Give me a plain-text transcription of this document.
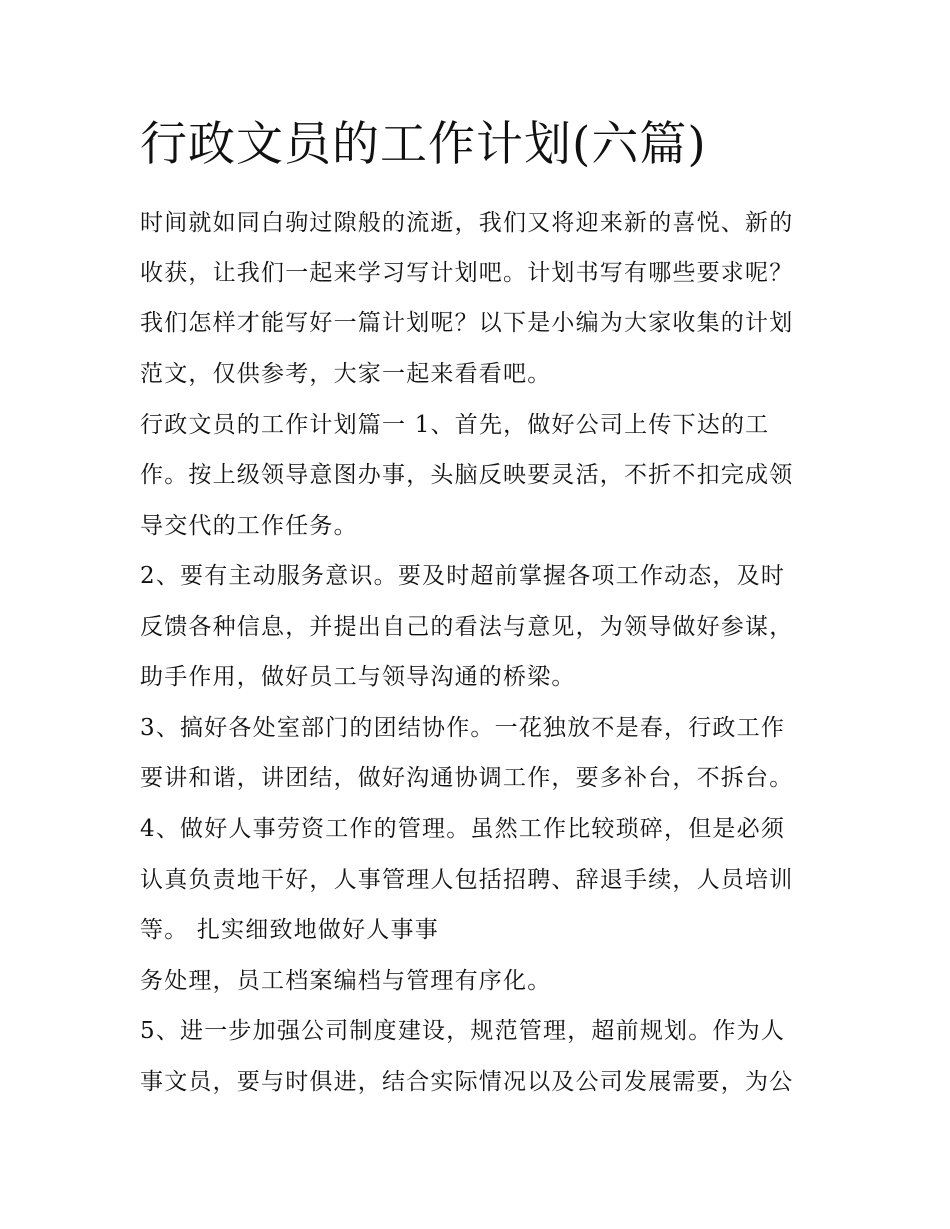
行政文员的工作计划(六篇)

时间就如同白驹过隙般的流逝，我们又将迎来新的喜悦、新的

收获，让我们一起来学习写计划吧。计划书写有哪些要求呢？

我们怎样才能写好一篇计划呢？以下是小编为大家收集的计划

范文，仅供参考，大家一起来看看吧。

行政文员的工作计划篇一 1、首先，做好公司上传下达的工

作。按上级领导意图办事，头脑反映要灵活，不折不扣完成领

导交代的工作任务。

2、要有主动服务意识。要及时超前掌握各项工作动态，及时

反馈各种信息，并提出自己的看法与意见，为领导做好参谋，

助手作用，做好员工与领导沟通的桥梁。

3、搞好各处室部门的团结协作。一花独放不是春，行政工作

要讲和谐，讲团结，做好沟通协调工作，要多补台，不拆台。

4、做好人事劳资工作的管理。虽然工作比较琐碎，但是必须

认真负责地干好，人事管理人包括招聘、辞退手续，人员培训

等。 扎实细致地做好人事事

务处理，员工档案编档与管理有序化。

5、进一步加强公司制度建设，规范管理，超前规划。作为人

事文员，要与时俱进，结合实际情况以及公司发展需要，为公
